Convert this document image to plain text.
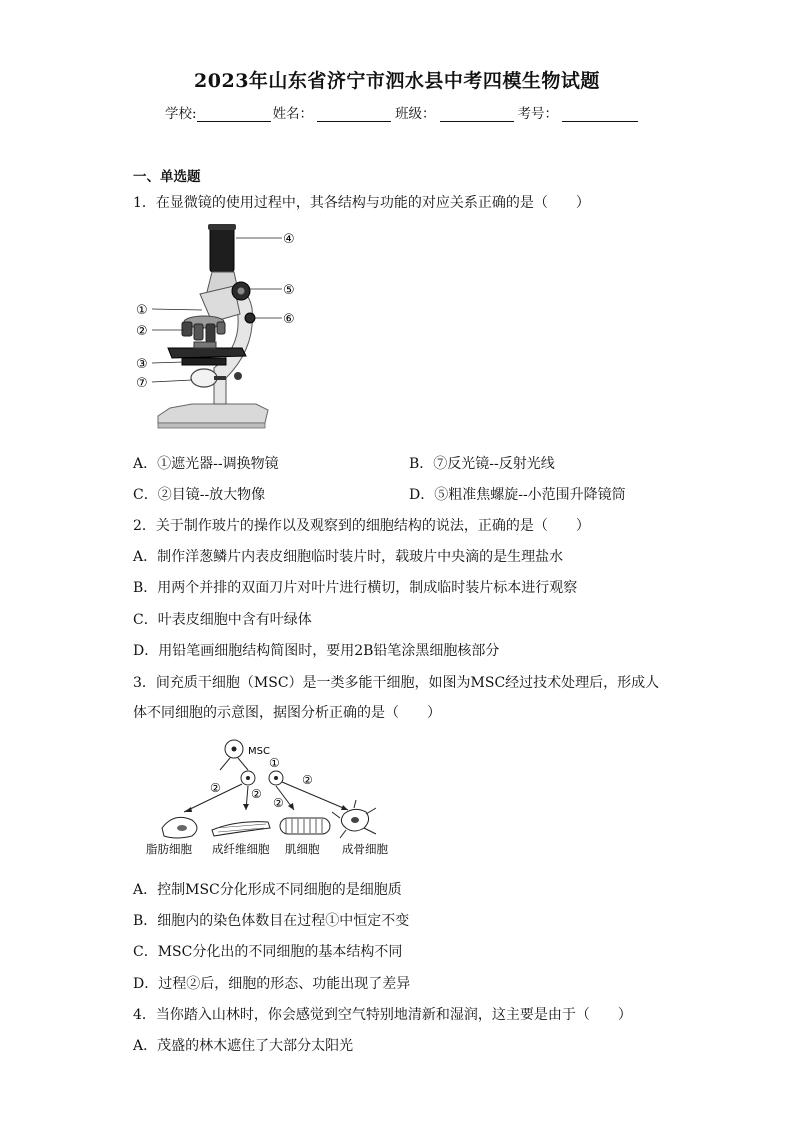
2023年山东省济宁市泗水县中考四模生物试题
学校:	姓名：	班级：	考号：
一、单选题
1．在显微镜的使用过程中，其各结构与功能的对应关系正确的是（　　）
④
⑤
⑥
①
②
③
⑦
A．①遮光器--调换物镜	B．⑦反光镜--反射光线
C．②目镜--放大物像	D．⑤粗准焦螺旋--小范围升降镜筒
2．关于制作玻片的操作以及观察到的细胞结构的说法，正确的是（　　）
A．制作洋葱鳞片内表皮细胞临时装片时，载玻片中央滴的是生理盐水
B．用两个并排的双面刀片对叶片进行横切，制成临时装片标本进行观察
C．叶表皮细胞中含有叶绿体
D．用铅笔画细胞结构简图时，要用2B铅笔涂黑细胞核部分
3．间充质干细胞（MSC）是一类多能干细胞，如图为MSC经过技术处理后，形成人
体不同细胞的示意图，据图分析正确的是（　　）
MSC
①
②	②
②
②
脂肪细胞 成纤维细胞 肌细胞 成骨细胞
A．控制MSC分化形成不同细胞的是细胞质
B．细胞内的染色体数目在过程①中恒定不变
C．MSC分化出的不同细胞的基本结构不同
D．过程②后，细胞的形态、功能出现了差异
4．当你踏入山林时，你会感觉到空气特别地清新和湿润，这主要是由于（　　）
A．茂盛的林木遮住了大部分太阳光
